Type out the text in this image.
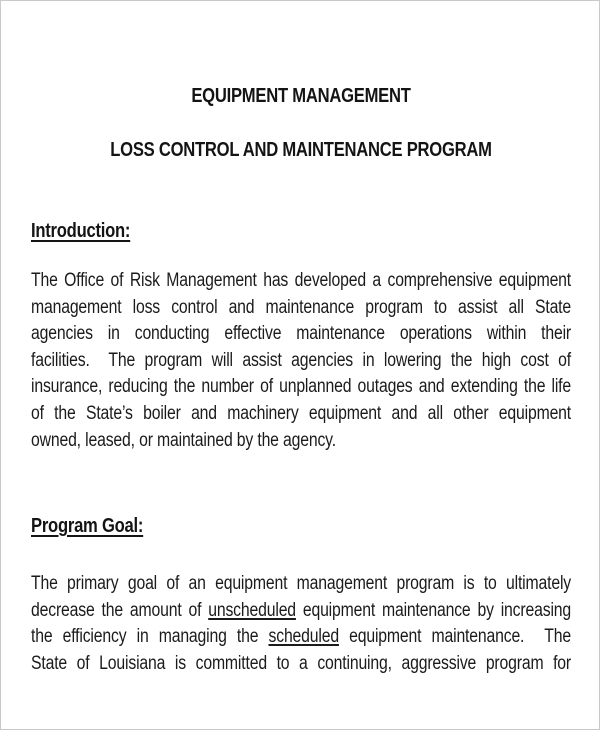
EQUIPMENT MANAGEMENT
LOSS CONTROL AND MAINTENANCE PROGRAM
Introduction:
The Office of Risk Management has developed a comprehensive equipment
management loss control and maintenance program to assist all State
agencies in conducting effective maintenance operations within their
facilities.  The program will assist agencies in lowering the high cost of
insurance, reducing the number of unplanned outages and extending the life
of the State’s boiler and machinery equipment and all other equipment
owned, leased, or maintained by the agency.
Program Goal:
The primary goal of an equipment management program is to ultimately
decrease the amount of unscheduled equipment maintenance by increasing
the efficiency in managing the scheduled equipment maintenance.  The
State of Louisiana is committed to a continuing, aggressive program for
